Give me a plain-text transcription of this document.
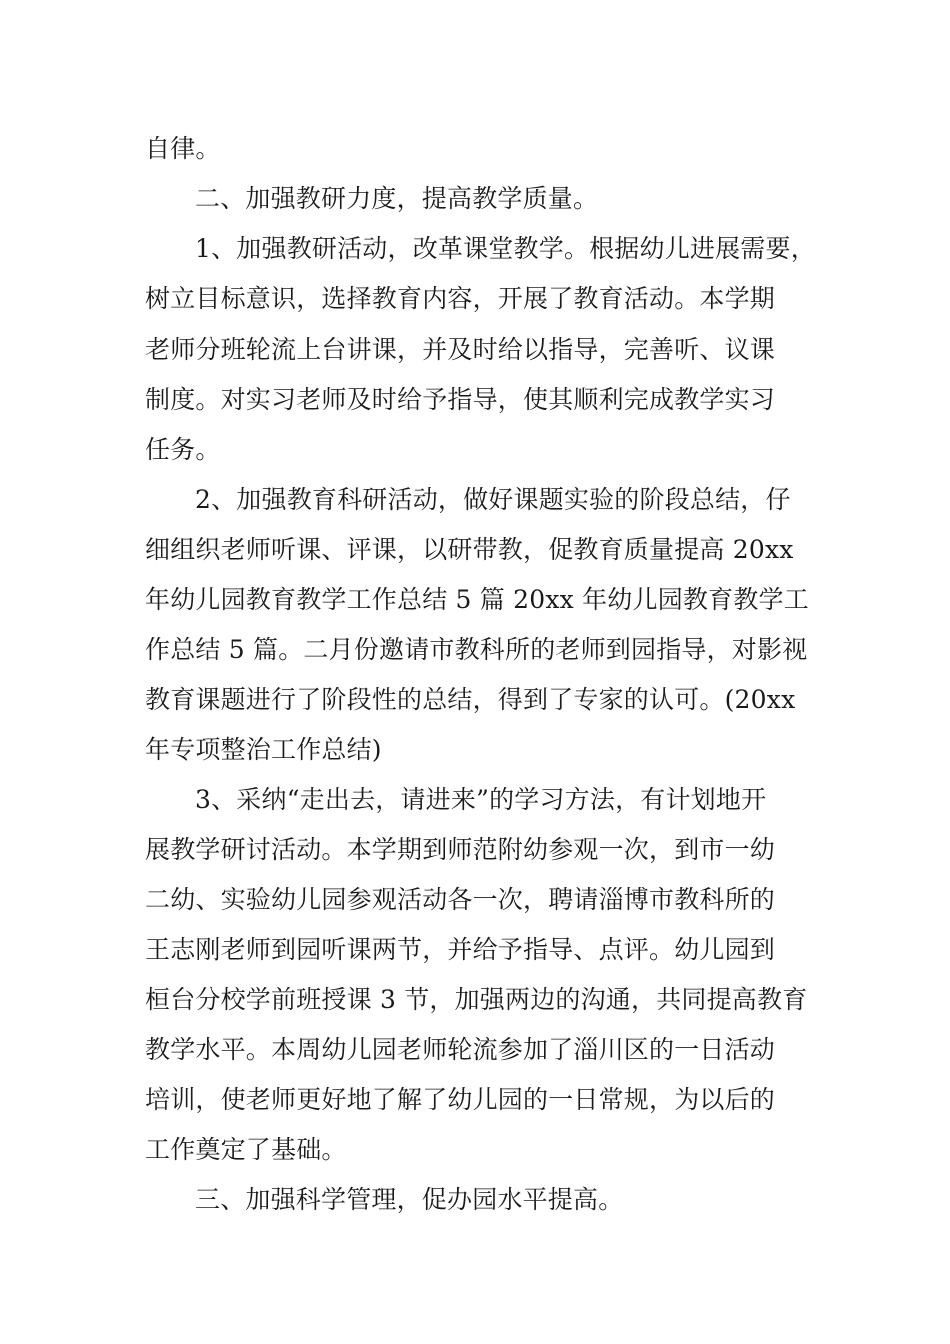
自律。
二、加强教研力度，提高教学质量。
1、加强教研活动，改革课堂教学。根据幼儿进展需要，
树立目标意识，选择教育内容，开展了教育活动。本学期
老师分班轮流上台讲课，并及时给以指导，完善听、议课
制度。对实习老师及时给予指导，使其顺利完成教学实习
任务。
2、加强教育科研活动，做好课题实验的阶段总结，仔
细组织老师听课、评课，以研带教，促教育质量提高 20xx
年幼儿园教育教学工作总结 5 篇 20xx 年幼儿园教育教学工
作总结 5 篇。二月份邀请市教科所的老师到园指导，对影视
教育课题进行了阶段性的总结，得到了专家的认可。(20xx
年专项整治工作总结)
3、采纳“走出去，请进来”的学习方法，有计划地开
展教学研讨活动。本学期到师范附幼参观一次，到市一幼
二幼、实验幼儿园参观活动各一次，聘请淄博市教科所的
王志刚老师到园听课两节，并给予指导、点评。幼儿园到
桓台分校学前班授课 3 节，加强两边的沟通，共同提高教育
教学水平。本周幼儿园老师轮流参加了淄川区的一日活动
培训，使老师更好地了解了幼儿园的一日常规，为以后的
工作奠定了基础。
三、加强科学管理，促办园水平提高。
